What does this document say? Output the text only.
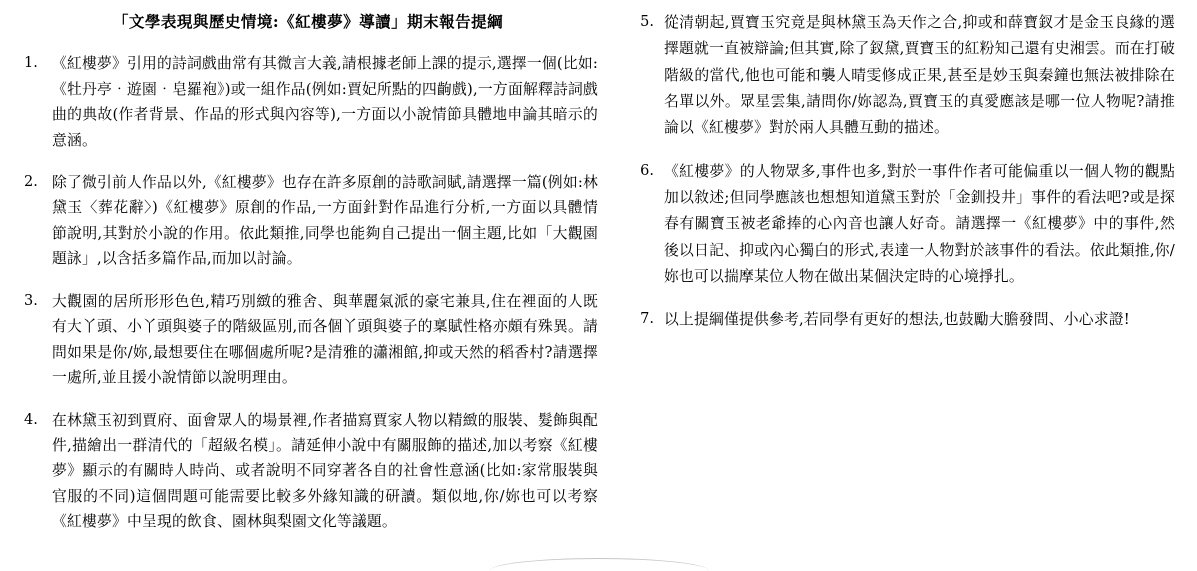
「文學表現與歷史情境:《紅樓夢》導讀」期末報告提綱
1. 《紅樓夢》引用的詩詞戲曲常有其微言大義,請根據老師上課的提示,選擇一個(比如:《牡丹亭‧遊園‧皂羅袍》)或一組作品(例如:賈妃所點的四齣戲),一方面解釋詩詞戲曲的典故(作者背景、作品的形式與內容等),一方面以小說情節具體地申論其暗示的意涵。
2. 除了微引前人作品以外,《紅樓夢》也存在許多原創的詩歌詞賦,請選擇一篇(例如:林黛玉〈葬花辭〉)《紅樓夢》原創的作品,一方面針對作品進行分析,一方面以具體情節說明,其對於小說的作用。依此類推,同學也能夠自己提出一個主題,比如「大觀園題詠」,以含括多篇作品,而加以討論。
3. 大觀園的居所形形色色,精巧別緻的雅舍、與華麗氣派的豪宅兼具,住在裡面的人既有大丫頭、小丫頭與婆子的階級區別,而各個丫頭與婆子的稟賦性格亦頗有殊異。請問如果是你/妳,最想要住在哪個處所呢?是清雅的瀟湘館,抑或天然的稻香村?請選擇一處所,並且援小說情節以說明理由。
4. 在林黛玉初到賈府、面會眾人的場景裡,作者描寫賈家人物以精緻的服裝、髮飾與配件,描繪出一群清代的「超級名模」。請延伸小說中有關服飾的描述,加以考察《紅樓夢》顯示的有關時人時尚、或者說明不同穿著各自的社會性意涵(比如:家常服裝與官服的不同)這個問題可能需要比較多外緣知識的研讀。類似地,你/妳也可以考察《紅樓夢》中呈現的飲食、園林與梨園文化等議題。
5. 從清朝起,賈寶玉究竟是與林黛玉為天作之合,抑或和薛寶釵才是金玉良緣的選擇題就一直被辯論;但其實,除了釵黛,賈寶玉的紅粉知己還有史湘雲。而在打破階級的當代,他也可能和襲人晴雯修成正果,甚至是妙玉與秦鐘也無法被排除在名單以外。眾星雲集,請問你/妳認為,賈寶玉的真愛應該是哪一位人物呢?請推論以《紅樓夢》對於兩人具體互動的描述。
6. 《紅樓夢》的人物眾多,事件也多,對於一事件作者可能偏重以一個人物的觀點加以敘述;但同學應該也想想知道黛玉對於「金釧投井」事件的看法吧?或是探春有關寶玉被老爺捧的心內音也讓人好奇。請選擇一《紅樓夢》中的事件,然後以日記、抑或內心獨白的形式,表達一人物對於該事件的看法。依此類推,你/妳也可以揣摩某位人物在做出某個決定時的心境掙扎。
7. 以上提綱僅提供參考,若同學有更好的想法,也鼓勵大膽發問、小心求證!
